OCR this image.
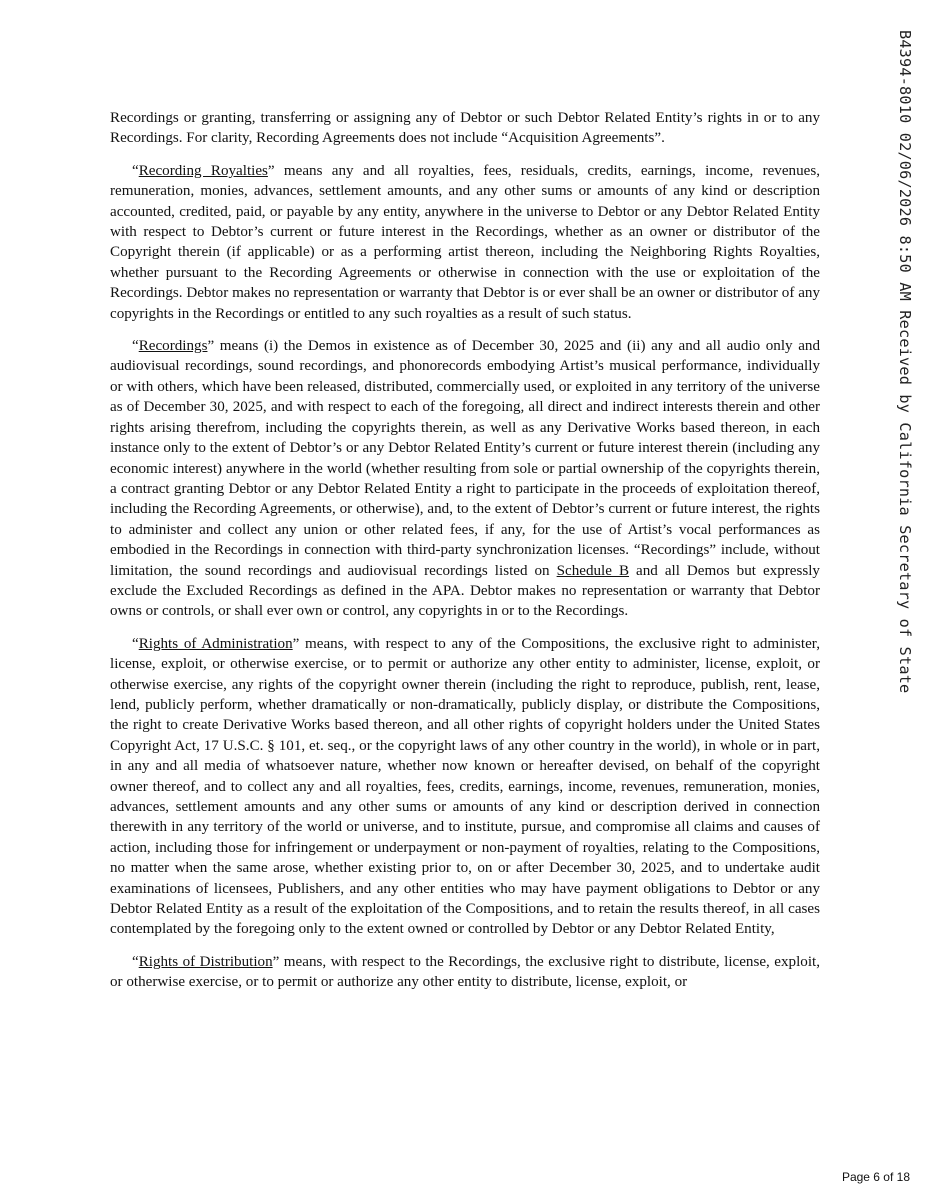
B4394-8010 02/06/2026 8:50 AM Received by California Secretary of State

Recordings or granting, transferring or assigning any of Debtor or such Debtor Related Entity’s rights in or to any Recordings. For clarity, Recording Agreements does not include “Acquisition Agreements”.

“Recording Royalties” means any and all royalties, fees, residuals, credits, earnings, income, revenues, remuneration, monies, advances, settlement amounts, and any other sums or amounts of any kind or description accounted, credited, paid, or payable by any entity, anywhere in the universe to Debtor or any Debtor Related Entity with respect to Debtor’s current or future interest in the Recordings, whether as an owner or distributor of the Copyright therein (if applicable) or as a performing artist thereon, including the Neighboring Rights Royalties, whether pursuant to the Recording Agreements or otherwise in connection with the use or exploitation of the Recordings. Debtor makes no representation or warranty that Debtor is or ever shall be an owner or distributor of any copyrights in the Recordings or entitled to any such royalties as a result of such status.

“Recordings” means (i) the Demos in existence as of December 30, 2025 and (ii) any and all audio only and audiovisual recordings, sound recordings, and phonorecords embodying Artist’s musical performance, individually or with others, which have been released, distributed, commercially used, or exploited in any territory of the universe as of December 30, 2025, and with respect to each of the foregoing, all direct and indirect interests therein and other rights arising therefrom, including the copyrights therein, as well as any Derivative Works based thereon, in each instance only to the extent of Debtor’s or any Debtor Related Entity’s current or future interest therein (including any economic interest) anywhere in the world (whether resulting from sole or partial ownership of the copyrights therein, a contract granting Debtor or any Debtor Related Entity a right to participate in the proceeds of exploitation thereof, including the Recording Agreements, or otherwise), and, to the extent of Debtor’s current or future interest, the rights to administer and collect any union or other related fees, if any, for the use of Artist’s vocal performances as embodied in the Recordings in connection with third-party synchronization licenses. “Recordings” include, without limitation, the sound recordings and audiovisual recordings listed on Schedule B and all Demos but expressly exclude the Excluded Recordings as defined in the APA. Debtor makes no representation or warranty that Debtor owns or controls, or shall ever own or control, any copyrights in or to the Recordings.

“Rights of Administration” means, with respect to any of the Compositions, the exclusive right to administer, license, exploit, or otherwise exercise, or to permit or authorize any other entity to administer, license, exploit, or otherwise exercise, any rights of the copyright owner therein (including the right to reproduce, publish, rent, lease, lend, publicly perform, whether dramatically or non-dramatically, publicly display, or distribute the Compositions, the right to create Derivative Works based thereon, and all other rights of copyright holders under the United States Copyright Act, 17 U.S.C. § 101, et. seq., or the copyright laws of any other country in the world), in whole or in part, in any and all media of whatsoever nature, whether now known or hereafter devised, on behalf of the copyright owner thereof, and to collect any and all royalties, fees, credits, earnings, income, revenues, remuneration, monies, advances, settlement amounts and any other sums or amounts of any kind or description derived in connection therewith in any territory of the world or universe, and to institute, pursue, and compromise all claims and causes of action, including those for infringement or underpayment or non-payment of royalties, relating to the Compositions, no matter when the same arose, whether existing prior to, on or after December 30, 2025, and to undertake audit examinations of licensees, Publishers, and any other entities who may have payment obligations to Debtor or any Debtor Related Entity as a result of the exploitation of the Compositions, and to retain the results thereof, in all cases contemplated by the foregoing only to the extent owned or controlled by Debtor or any Debtor Related Entity,

“Rights of Distribution” means, with respect to the Recordings, the exclusive right to distribute, license, exploit, or otherwise exercise, or to permit or authorize any other entity to distribute, license, exploit, or

Page 6 of 18
